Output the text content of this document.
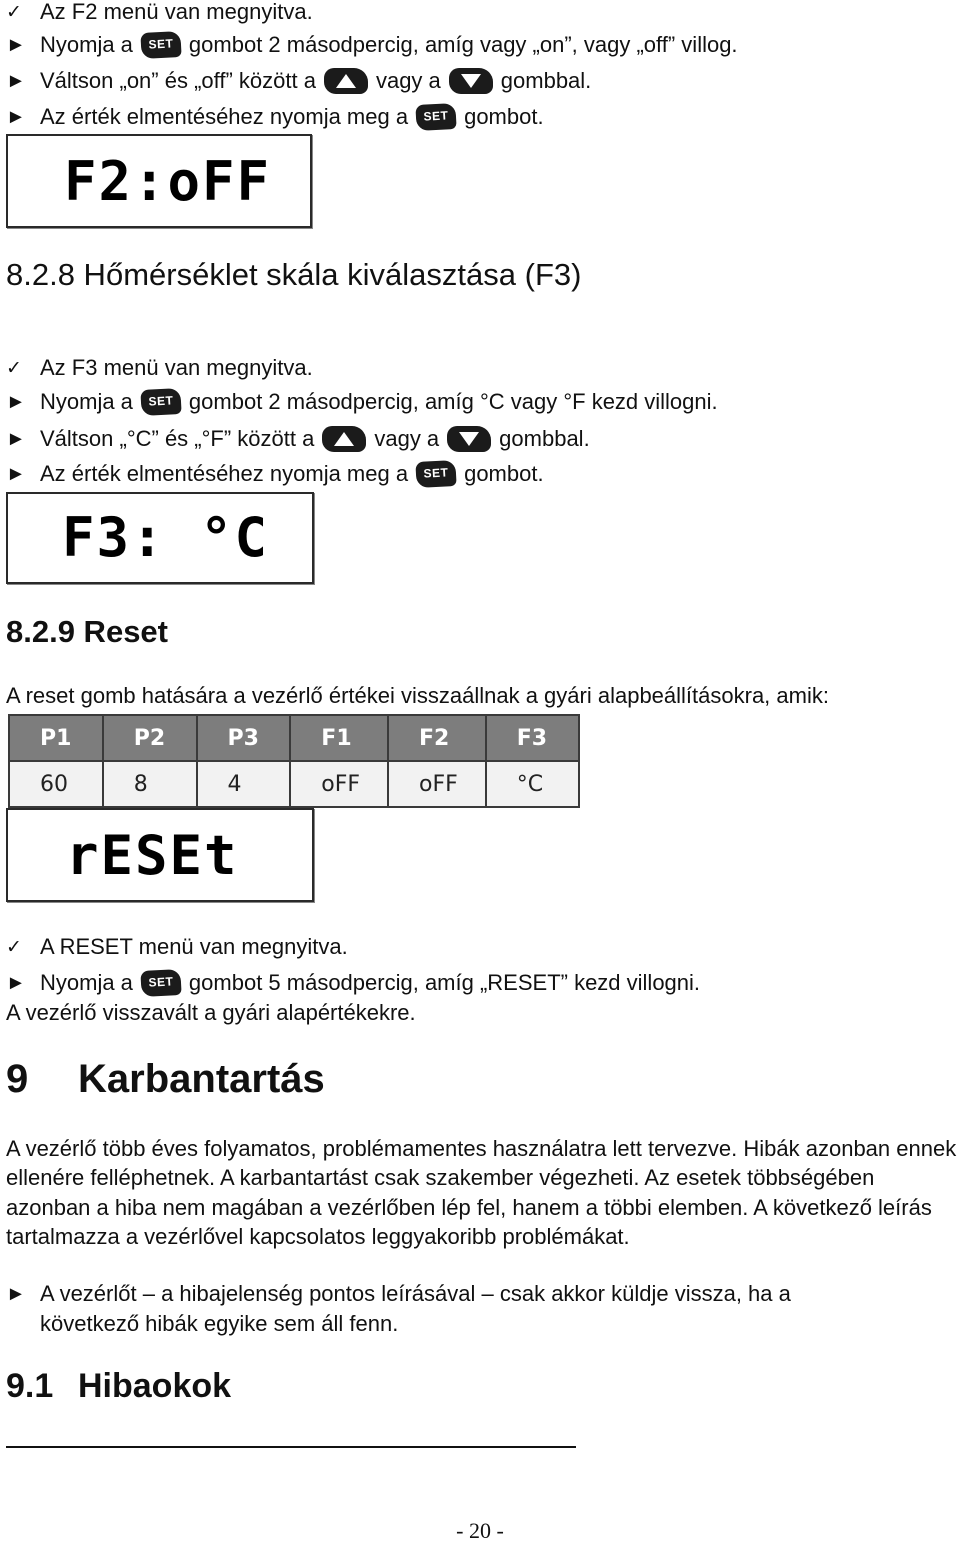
✓ Az F2 menü van megnyitva.
► Nyomja a	SET gombot 2 másodpercig, amíg vagy „on”, vagy „off” villog.
► Váltson „on” és „off” között a	vagy a	gombbal.
► Az érték elmentéséhez nyomja meg a	SET gombot.
F2:oFF
8.2.8 Hőmérséklet skála kiválasztása (F3)
✓ Az F3 menü van megnyitva.
► Nyomja a	SET gombot 2 másodpercig, amíg °C vagy °F kezd villogni.
► Váltson „°C” és „°F” között a	vagy a	gombbal.
► Az érték elmentéséhez nyomja meg a	SET gombot.
F3: °C
8.2.9 Reset
A reset gomb hatására a vezérlő értékei visszaállnak a gyári alapbeállításokra, amik:
P1	P2	P3	F1	F2	F3
60	8	4	oFF	oFF	°C
rESEt
✓ A RESET menü van megnyitva.
► Nyomja a	SET gombot 5 másodpercig, amíg „RESET” kezd villogni.
A vezérlő visszavált a gyári alapértékekre.
9 Karbantartás
A vezérlő több éves folyamatos, problémamentes használatra lett tervezve. Hibák azonban ennek ellenére felléphetnek. A karbantartást csak szakember végezheti. Az esetek többségében azonban a hiba nem magában a vezérlőben lép fel, hanem a többi elemben. A következő leírás tartalmazza a vezérlővel kapcsolatos leggyakoribb problémákat.
► A vezérlőt – a hibajelenség pontos leírásával – csak akkor küldje vissza, ha a
következő hibák egyike sem áll fenn.
9.1 Hibaokok
- 20 -
